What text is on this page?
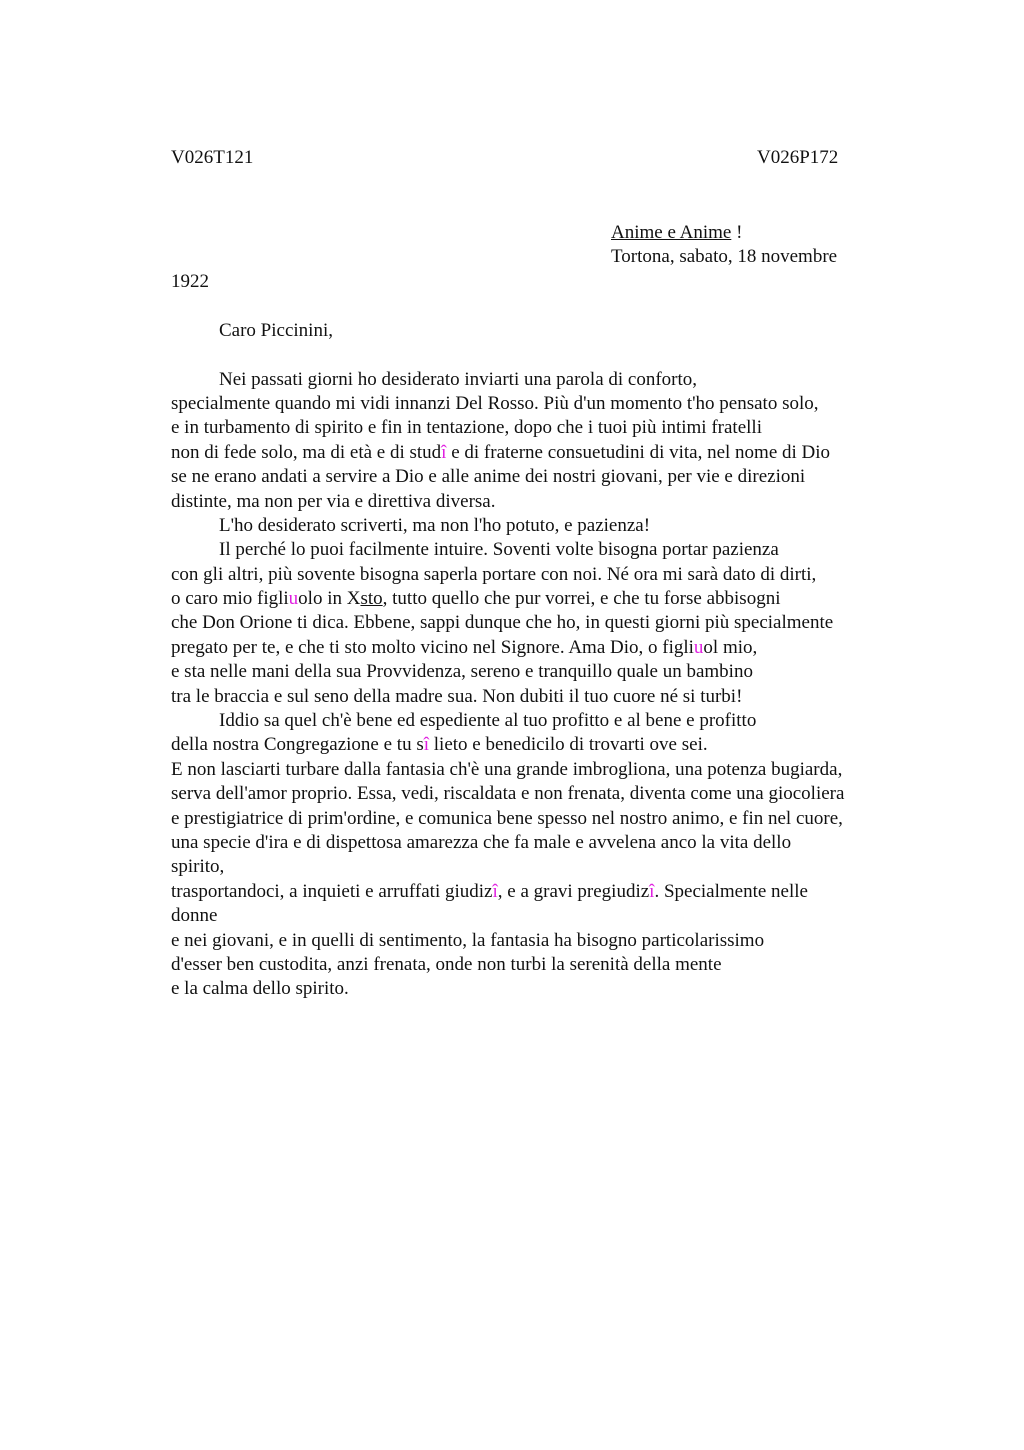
V026T121	V026P172
Anime e Anime !
Tortona, sabato, 18 novembre
1922
Caro Piccinini,
Nei passati giorni ho desiderato inviarti una parola di conforto,
specialmente quando mi vidi innanzi Del Rosso. Più d'un momento t'ho pensato solo,
e in turbamento di spirito e fin in tentazione, dopo che i tuoi più intimi fratelli
non di fede solo, ma di età e di studî e di fraterne consuetudini di vita, nel nome di Dio
se ne erano andati a servire a Dio e alle anime dei nostri giovani, per vie e direzioni
distinte, ma non per via e direttiva diversa.
L'ho desiderato scriverti, ma non l'ho potuto, e pazienza!
Il perché lo puoi facilmente intuire. Soventi volte bisogna portar pazienza
con gli altri, più sovente bisogna saperla portare con noi. Né ora mi sarà dato di dirti,
o caro mio figliuolo in Xsto, tutto quello che pur vorrei, e che tu forse abbisogni
che Don Orione ti dica. Ebbene, sappi dunque che ho, in questi giorni più specialmente
pregato per te, e che ti sto molto vicino nel Signore. Ama Dio, o figliuol mio,
e sta nelle mani della sua Provvidenza, sereno e tranquillo quale un bambino
tra le braccia e sul seno della madre sua. Non dubiti il tuo cuore né si turbi!
Iddio sa quel ch'è bene ed espediente al tuo profitto e al bene e profitto
della nostra Congregazione e tu sî lieto e benedicilo di trovarti ove sei.
E non lasciarti turbare dalla fantasia ch'è una grande imbrogliona, una potenza bugiarda,
serva dell'amor proprio. Essa, vedi, riscaldata e non frenata, diventa come una giocoliera
e prestigiatrice di prim'ordine, e comunica bene spesso nel nostro animo, e fin nel cuore,
una specie d'ira e di dispettosa amarezza che fa male e avvelena anco la vita dello
spirito,
trasportandoci, a inquieti e arruffati giudizî, e a gravi pregiudizî. Specialmente nelle
donne
e nei giovani, e in quelli di sentimento, la fantasia ha bisogno particolarissimo
d'esser ben custodita, anzi frenata, onde non turbi la serenità della mente
e la calma dello spirito.
